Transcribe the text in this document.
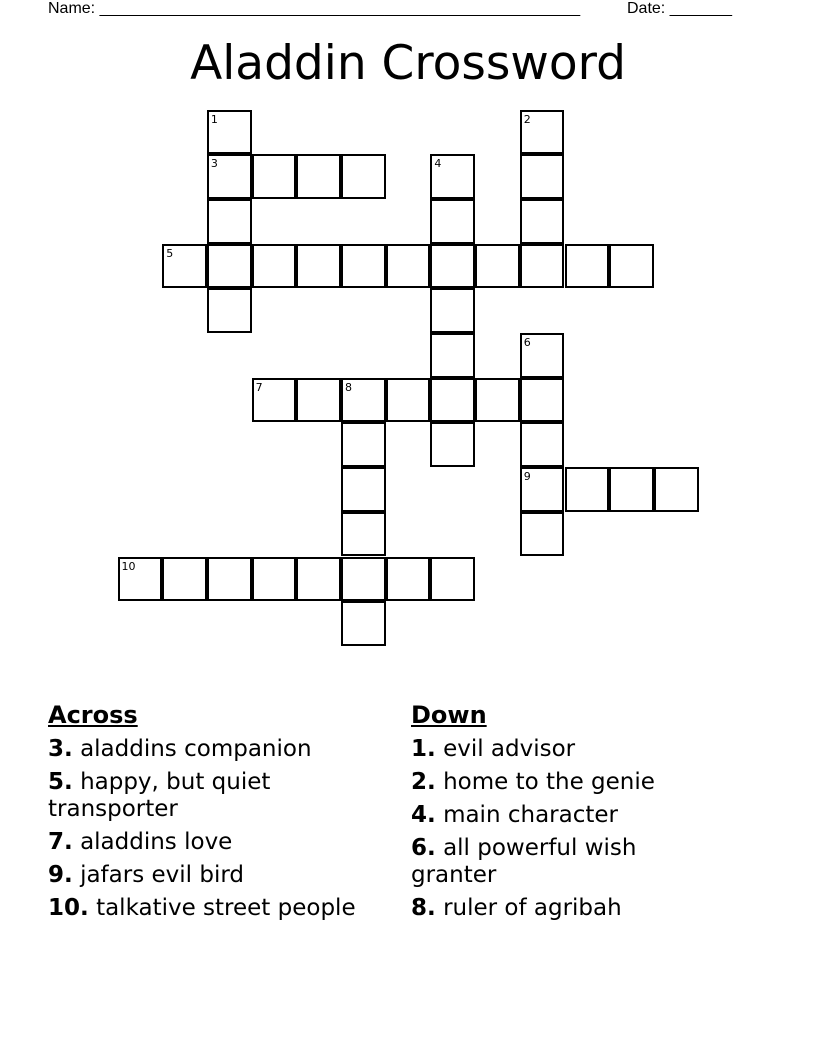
Name: ______________________________________________________	Date: _______
Aladdin Crossword
1	2
3	4
5
6
7	8
9
10
Across
3. aladdins companion
5. happy, but quiet transporter
7. aladdins love
9. jafars evil bird
10. talkative street people
Down
1. evil advisor
2. home to the genie
4. main character
6. all powerful wish granter
8. ruler of agribah
